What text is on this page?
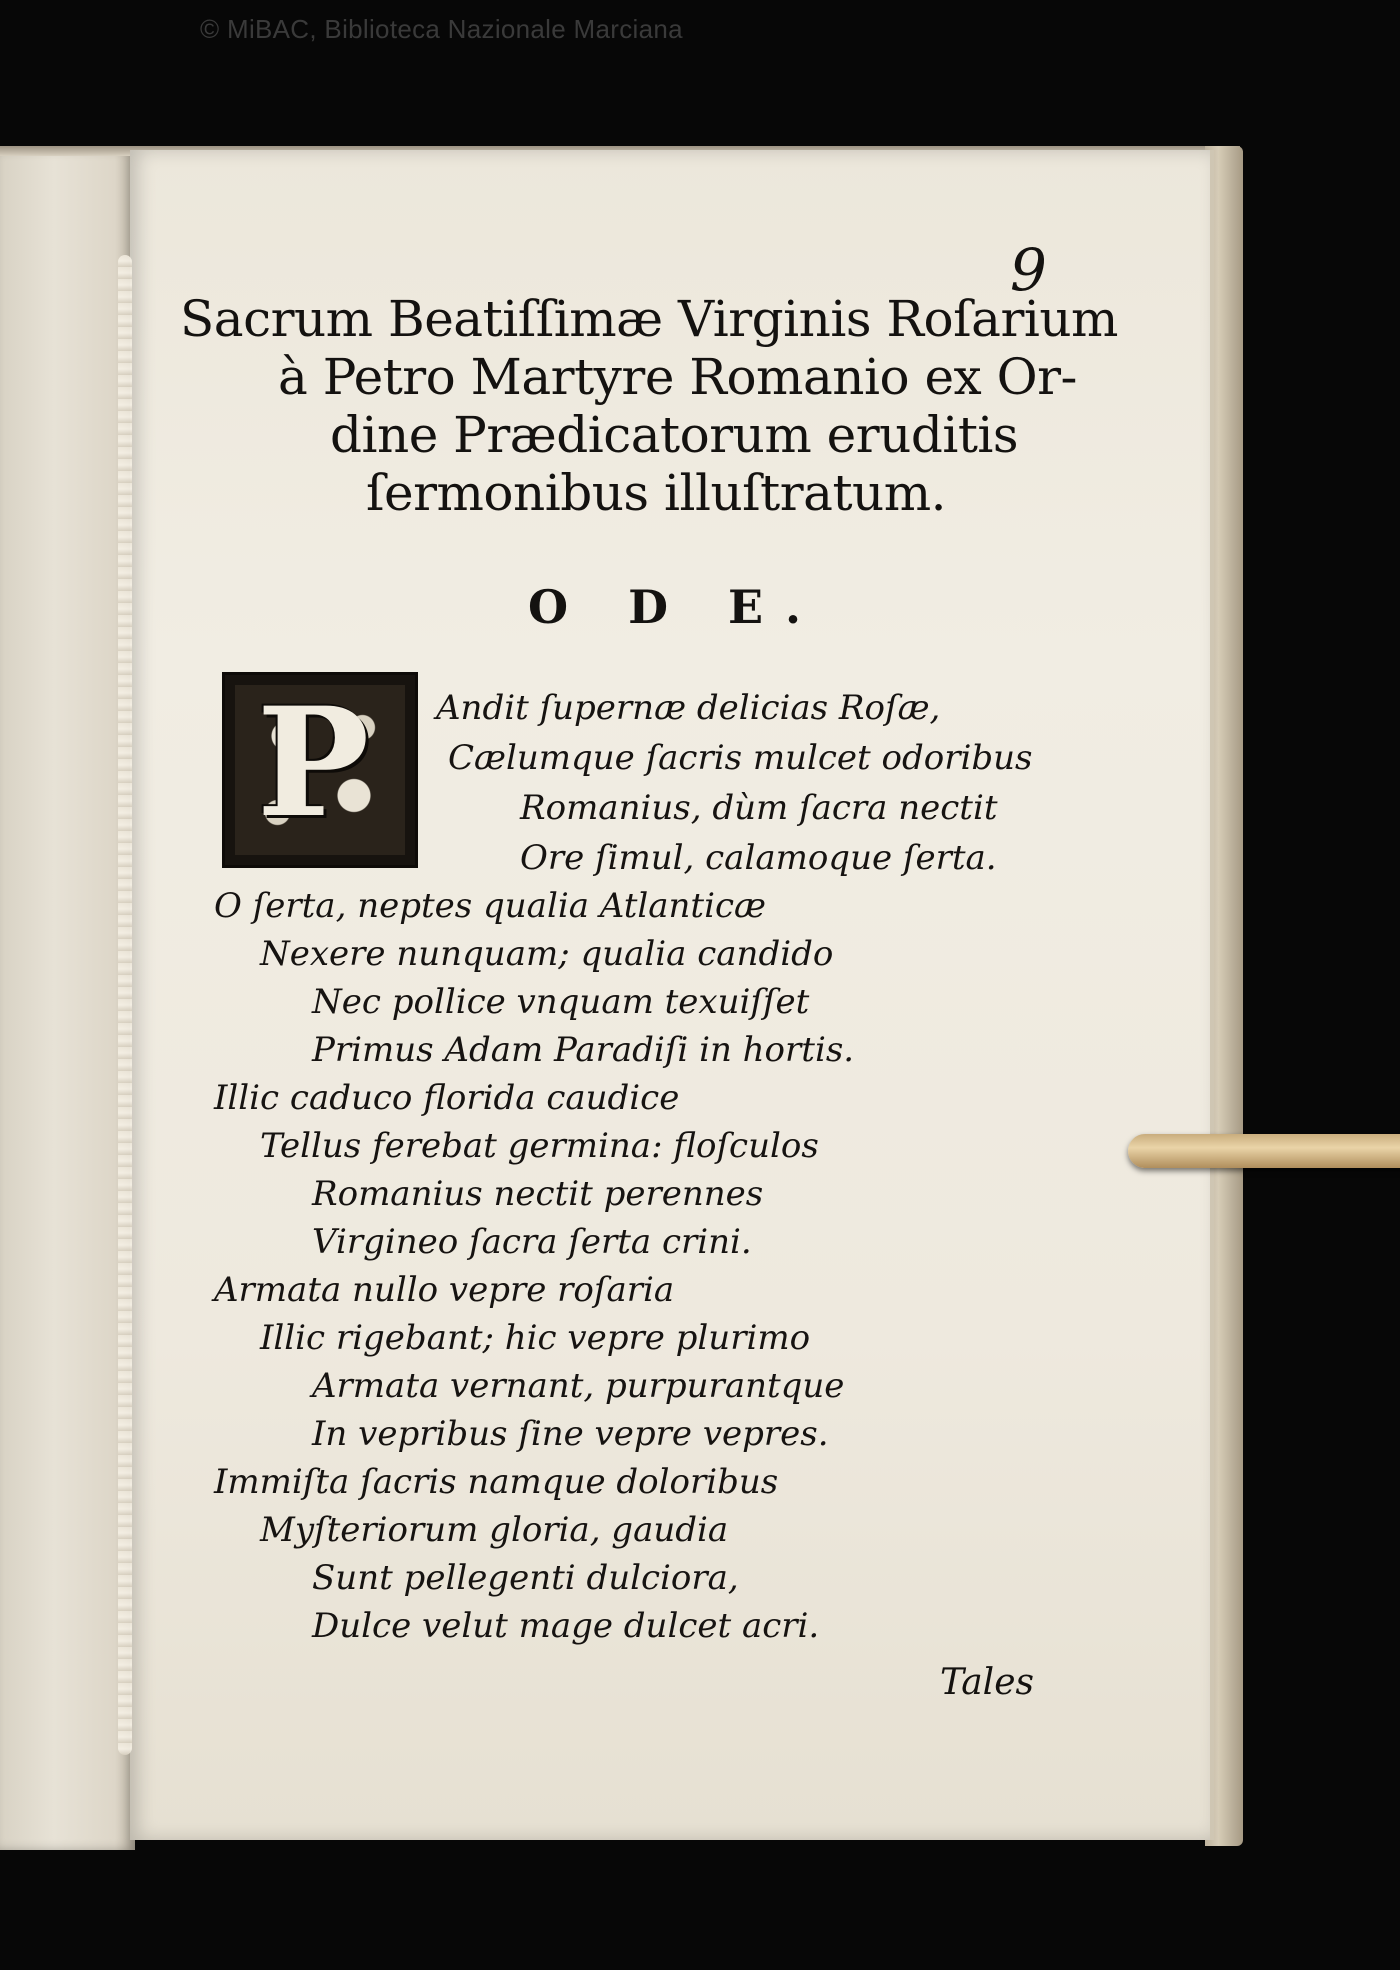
© MiBAC, Biblioteca Nazionale Marciana
9
Sacrum Beatiſſimæ Virginis Roſarium
à Petro Martyre Romanio ex Or-
dine Prædicatorum eruditis
ſermonibus illuſtratum.
O D E.
P	Andit ſupernæ delicias Roſæ,
Cælumque ſacris mulcet odoribus
Romanius, dùm ſacra nectit
Ore ſimul, calamoque ſerta.
O ſerta, neptes qualia Atlanticæ
Nexere nunquam; qualia candido
Nec pollice vnquam texuiſſet
Primus Adam Paradiſi in hortis.
Illic caduco florida caudice
Tellus ferebat germina: floſculos
Romanius nectit perennes
Virgineo ſacra ſerta crini.
Armata nullo vepre roſaria
Illic rigebant; hic vepre plurimo
Armata vernant, purpurantque
In vepribus ſine vepre vepres.
Immiſta ſacris namque doloribus
Myſteriorum gloria, gaudia
Sunt pellegenti dulciora,
Dulce velut mage dulcet acri.
Tales
